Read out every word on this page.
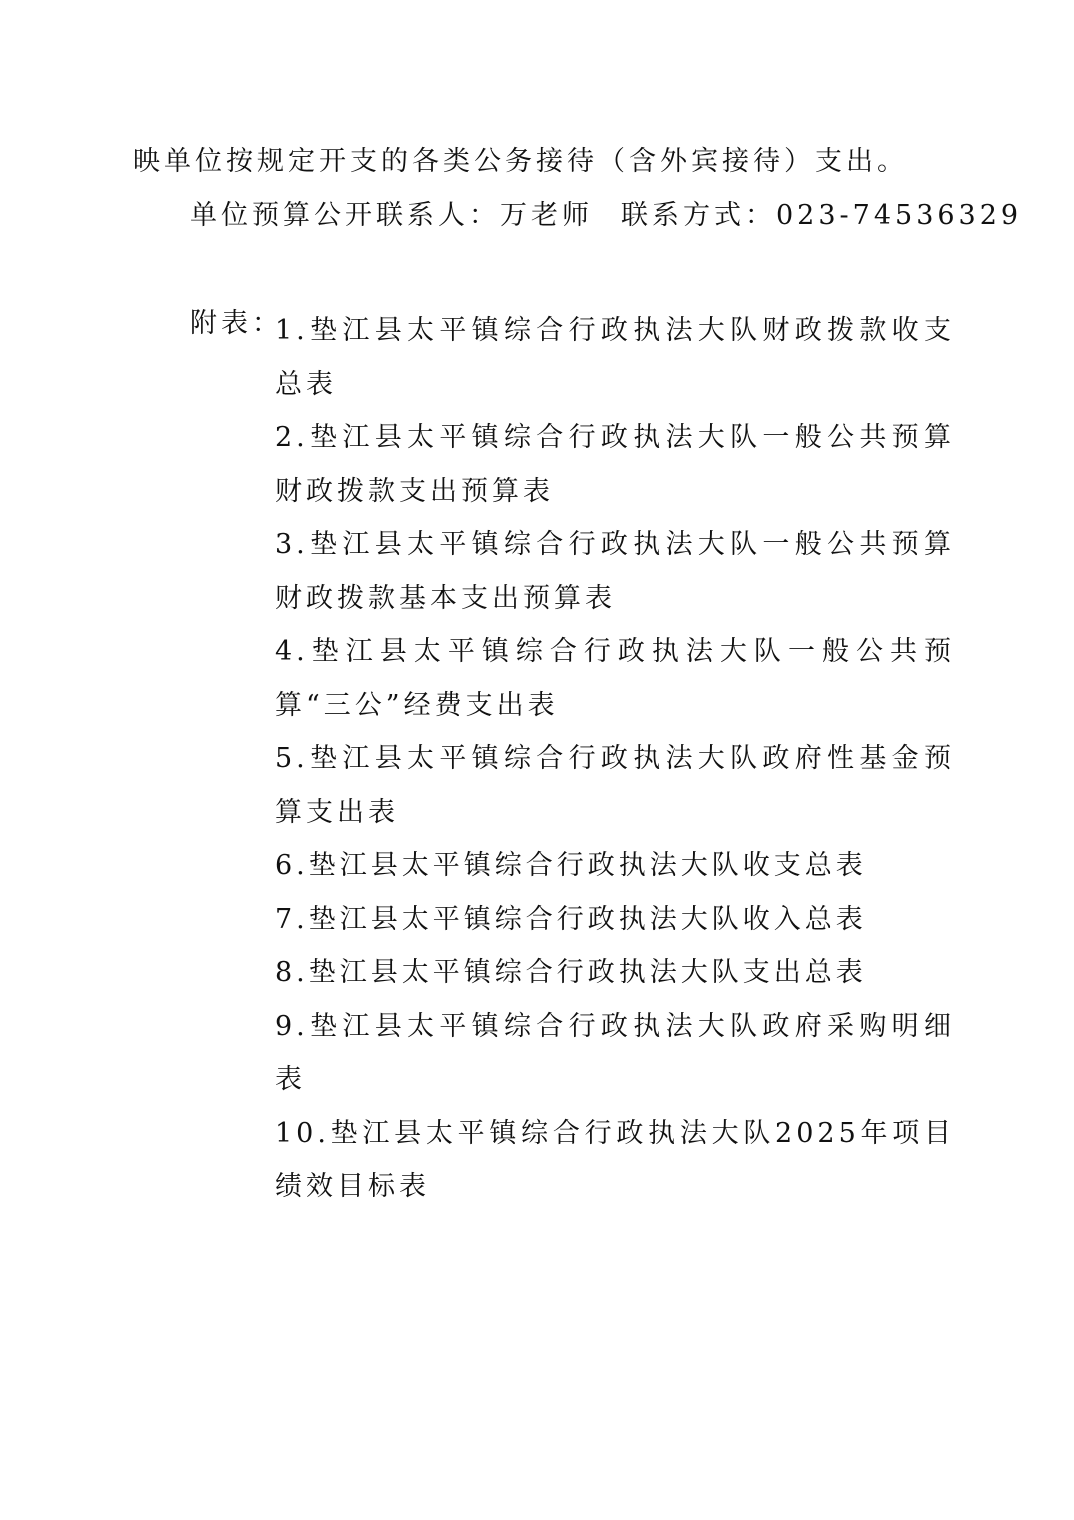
映单位按规定开支的各类公务接待（含外宾接待）支出。
单位预算公开联系人：万老师 联系方式：023-74536329
附表：

1.垫江县太平镇综合行政执法大队财政拨款收支总表

2.垫江县太平镇综合行政执法大队一般公共预算财政拨款支出预算表

3.垫江县太平镇综合行政执法大队一般公共预算财政拨款基本支出预算表

4.垫江县太平镇综合行政执法大队一般公共预算“三公”经费支出表

5.垫江县太平镇综合行政执法大队政府性基金预算支出表

6.垫江县太平镇综合行政执法大队收支总表

7.垫江县太平镇综合行政执法大队收入总表

8.垫江县太平镇综合行政执法大队支出总表

9.垫江县太平镇综合行政执法大队政府采购明细表

10.垫江县太平镇综合行政执法大队2025年项目绩效目标表
